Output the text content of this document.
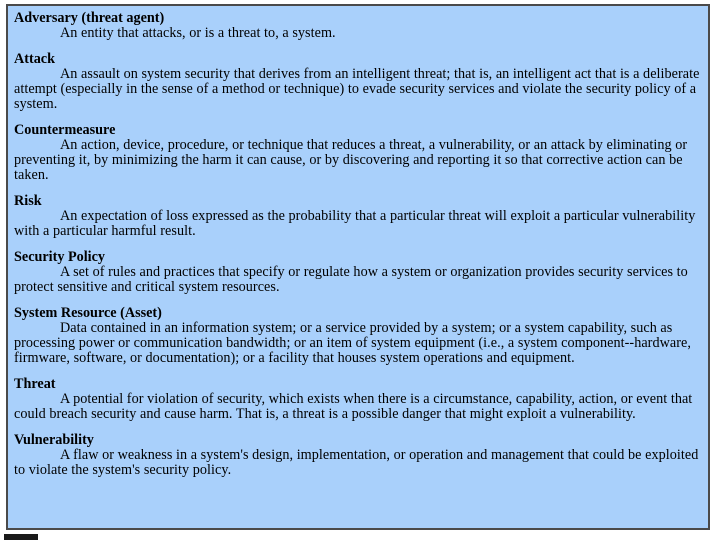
Adversary (threat agent)
An entity that attacks, or is a threat to, a system.
Attack
An assault on system security that derives from an intelligent threat; that is, an intelligent act that is a deliberate attempt (especially in the sense of a method or technique) to evade security services and violate the security policy of a system.
Countermeasure
An action, device, procedure, or technique that reduces a threat, a vulnerability, or an attack by eliminating or preventing it, by minimizing the harm it can cause, or by discovering and reporting it so that corrective action can be taken.
Risk
An expectation of loss expressed as the probability that a particular threat will exploit a particular vulnerability with a particular harmful result.
Security Policy
A set of rules and practices that specify or regulate how a system or organization provides security services to protect sensitive and critical system resources.
System Resource (Asset)
Data contained in an information system; or a service provided by a system; or a system capability, such as processing power or communication bandwidth; or an item of system equipment (i.e., a system component--hardware, firmware, software, or documentation); or a facility that houses system operations and equipment.
Threat
A potential for violation of security, which exists when there is a circumstance, capability, action, or event that could breach security and cause harm. That is, a threat is a possible danger that might exploit a vulnerability.
Vulnerability
A flaw or weakness in a system's design, implementation, or operation and management that could be exploited to violate the system's security policy.
